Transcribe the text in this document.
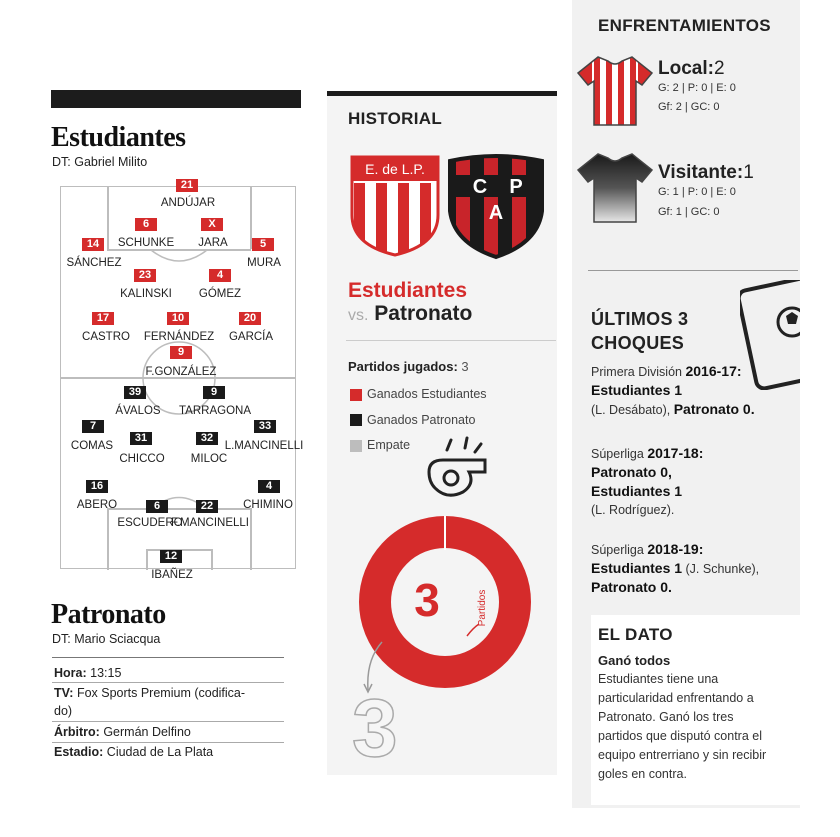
Estudiantes
DT: Gabriel Milito
21
ANDÚJAR
6
SCHUNKE
X
JARA
14
SÁNCHEZ
5
MURA
23
KALINSKI
4
GÓMEZ
17
CASTRO
10
FERNÁNDEZ
20
GARCÍA
9
F.GONZÁLEZ
39
ÁVALOS
9
TARRAGONA
7
COMAS
33
L.MANCINELLI
31
CHICCO
32
MILOC
16
ABERO
4
CHIMINO
6
ESCUDERO
22
F.MANCINELLI
12
IBAÑEZ
Patronato
DT: Mario Sciacqua
Hora: 13:15
TV: Fox Sports Premium (codifica-
do)
Árbitro: Germán Delfino
Estadio: Ciudad de La Plata
HISTORIAL
E. de L.P.
C
A
P
Estudiantes
vs. Patronato
Partidos jugados: 3
Ganados Estudiantes
Ganados Patronato
Empate
3	Partidos
3
ENFRENTAMIENTOS
Local:2
G: 2 | P: 0 | E: 0
Gf: 2 | GC: 0
Visitante:1
G: 1 | P: 0 | E: 0
Gf: 1 | GC: 0
ÚLTIMOS 3
CHOQUES
Primera División 2016-17:
Estudiantes 1
(L. Desábato), Patronato 0.
Súperliga 2017-18:
Patronato 0,
Estudiantes 1
(L. Rodríguez).
Súperliga 2018-19:
Estudiantes 1 (J. Schunke),
Patronato 0.
EL DATO
Ganó todos
Estudiantes tiene una
particularidad enfrentando a
Patronato. Ganó los tres
partidos que disputó contra el
equipo entrerriano y sin recibir
goles en contra.
